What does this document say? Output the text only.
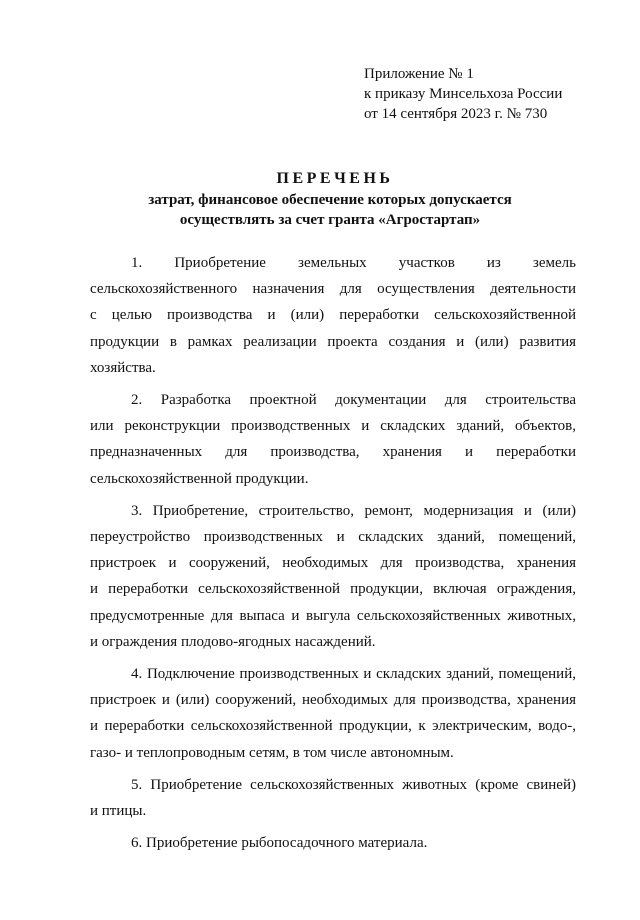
Приложение № 1
к приказу Минсельхоза России
от 14 сентября 2023 г. № 730
ПЕРЕЧЕНЬ
затрат, финансовое обеспечение которых допускается
осуществлять за счет гранта «Агростартап»
1. Приобретение земельных участков из земель
сельскохозяйственного назначения для осуществления деятельности
с целью производства и (или) переработки сельскохозяйственной
продукции в рамках реализации проекта создания и (или) развития
хозяйства.
2. Разработка проектной документации для строительства
или реконструкции производственных и складских зданий, объектов,
предназначенных для производства, хранения и переработки
сельскохозяйственной продукции.
3. Приобретение, строительство, ремонт, модернизация и (или)
переустройство производственных и складских зданий, помещений,
пристроек и сооружений, необходимых для производства, хранения
и переработки сельскохозяйственной продукции, включая ограждения,
предусмотренные для выпаса и выгула сельскохозяйственных животных,
и ограждения плодово-ягодных насаждений.
4. Подключение производственных и складских зданий, помещений,
пристроек и (или) сооружений, необходимых для производства, хранения
и переработки сельскохозяйственной продукции, к электрическим, водо-,
газо- и теплопроводным сетям, в том числе автономным.
5. Приобретение сельскохозяйственных животных (кроме свиней)
и птицы.
6. Приобретение рыбопосадочного материала.
